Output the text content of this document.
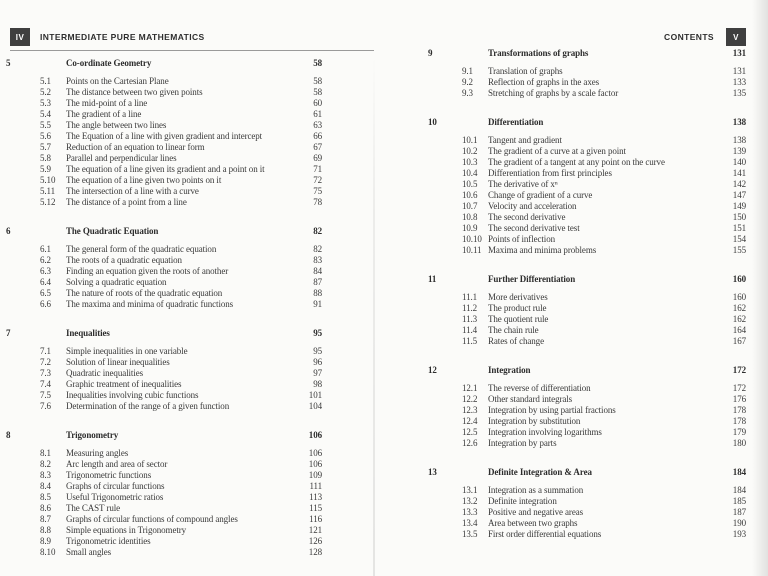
IV	INTERMEDIATE PURE MATHEMATICS
5	Co-ordinate Geometry	58
5.1	Points on the Cartesian Plane	58
5.2	The distance between two given points	58
5.3	The mid-point of a line	60
5.4	The gradient of a line	61
5.5	The angle between two lines	63
5.6	The Equation of a line with given gradient and intercept	66
5.7	Reduction of an equation to linear form	67
5.8	Parallel and perpendicular lines	69
5.9	The equation of a line given its gradient and a point on it	71
5.10	The equation of a line given two points on it	72
5.11	The intersection of a line with a curve	75
5.12	The distance of a point from a line	78
6	The Quadratic Equation	82
6.1	The general form of the quadratic equation	82
6.2	The roots of a quadratic equation	83
6.3	Finding an equation given the roots of another	84
6.4	Solving a quadratic equation	87
6.5	The nature of roots of the quadratic equation	88
6.6	The maxima and minima of quadratic functions	91
7	Inequalities	95
7.1	Simple inequalities in one variable	95
7.2	Solution of linear inequalities	96
7.3	Quadratic inequalities	97
7.4	Graphic treatment of inequalities	98
7.5	Inequalities involving cubic functions	101
7.6	Determination of the range of a given function	104
8	Trigonometry	106
8.1	Measuring angles	106
8.2	Arc length and area of sector	106
8.3	Trigonometric functions	109
8.4	Graphs of circular functions	111
8.5	Useful Trigonometric ratios	113
8.6	The CAST rule	115
8.7	Graphs of circular functions of compound angles	116
8.8	Simple equations in Trigonometry	121
8.9	Trigonometric identities	126
8.10	Small angles	128
CONTENTS	V
9	Transformations of graphs	131
9.1	Translation of graphs	131
9.2	Reflection of graphs in the axes	133
9.3	Stretching of graphs by a scale factor	135
10	Differentiation	138
10.1	Tangent and gradient	138
10.2	The gradient of a curve at a given point	139
10.3	The gradient of a tangent at any point on the curve	140
10.4	Differentiation from first principles	141
10.5	The derivative of xⁿ	142
10.6	Change of gradient of a curve	147
10.7	Velocity and acceleration	149
10.8	The second derivative	150
10.9	The second derivative test	151
10.10 Points of inflection	154
10.11 Maxima and minima problems	155
11	Further Differentiation	160
11.1	More derivatives	160
11.2	The product rule	162
11.3	The quotient rule	162
11.4	The chain rule	164
11.5	Rates of change	167
12	Integration	172
12.1	The reverse of differentiation	172
12.2	Other standard integrals	176
12.3	Integration by using partial fractions	178
12.4	Integration by substitution	178
12.5	Integration involving logarithms	179
12.6	Integration by parts	180
13	Definite Integration & Area	184
13.1	Integration as a summation	184
13.2	Definite integration	185
13.3	Positive and negative areas	187
13.4	Area between two graphs	190
13.5	First order differential equations	193
